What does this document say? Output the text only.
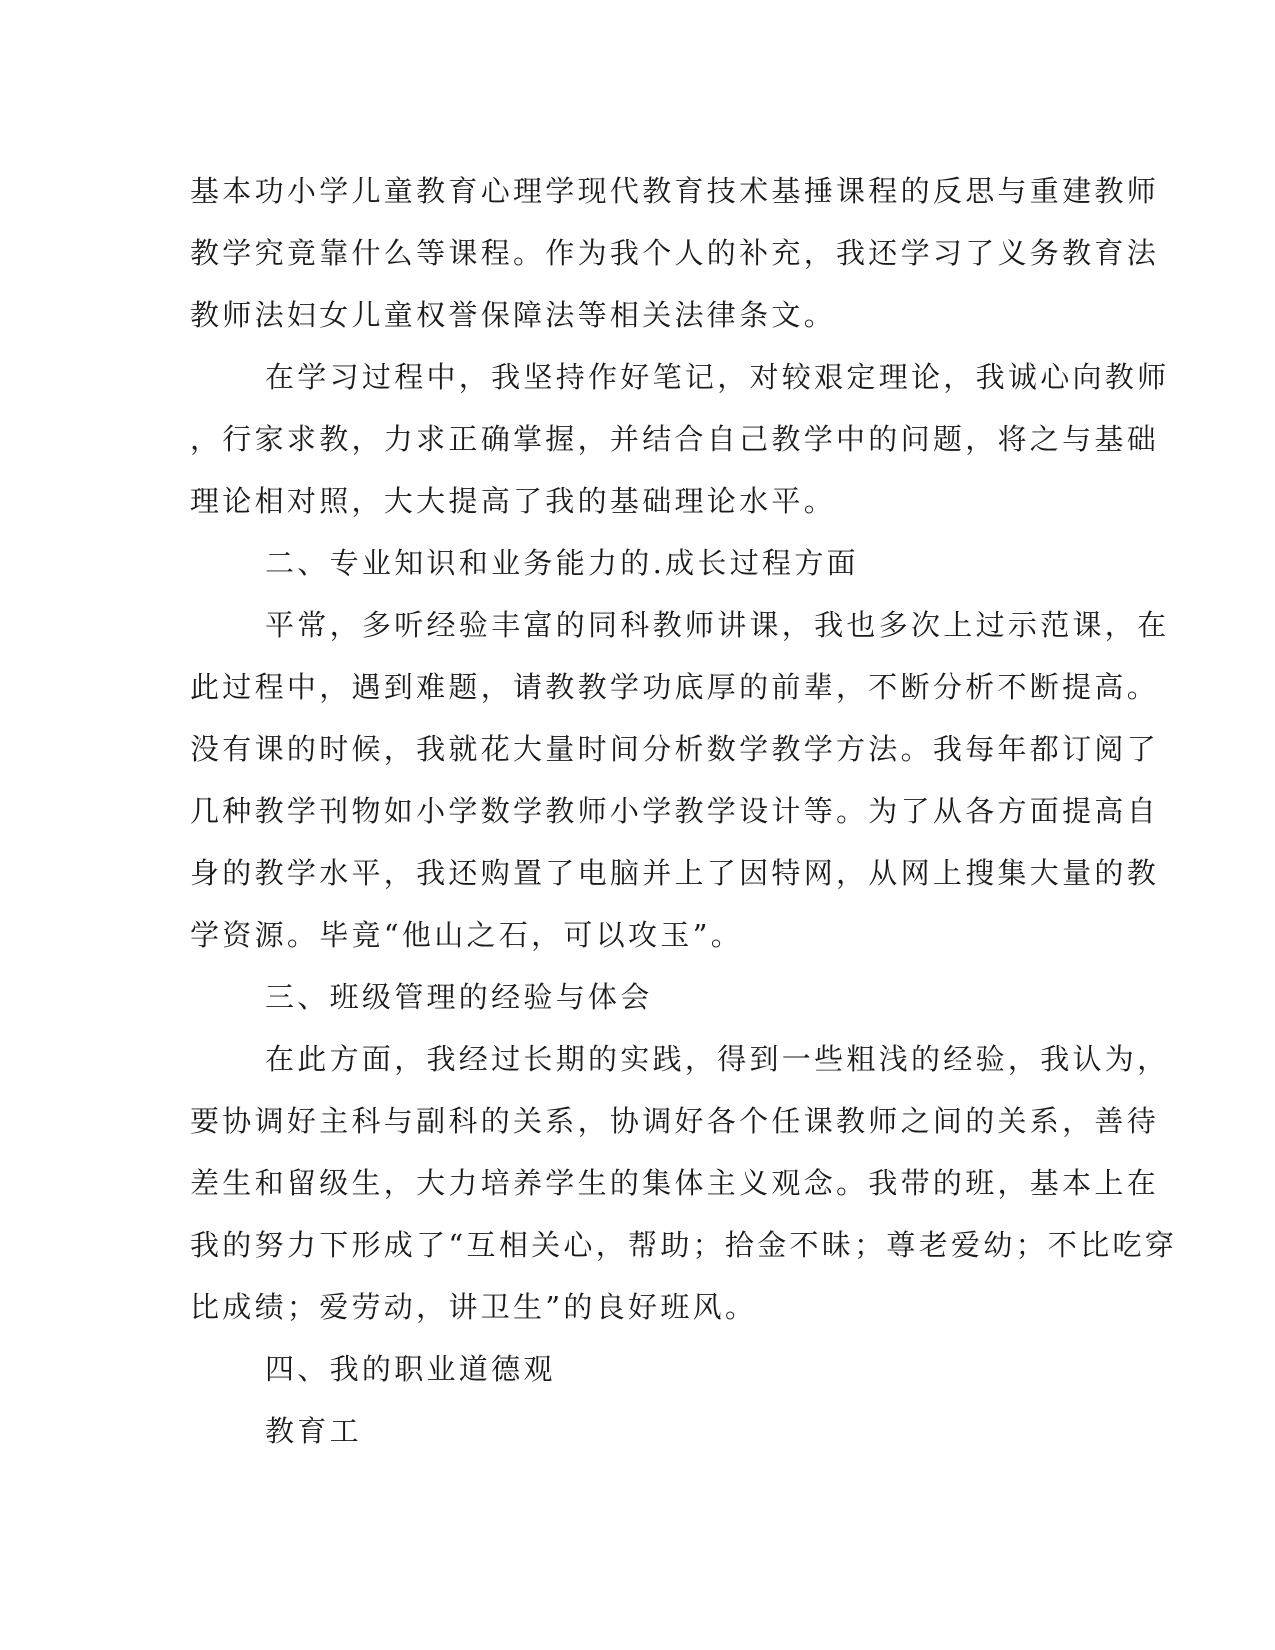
基本功小学儿童教育心理学现代教育技术基捶课程的反思与重建教师
教学究竟靠什么等课程。作为我个人的补充，我还学习了义务教育法
教师法妇女儿童权誉保障法等相关法律条文。
在学习过程中，我坚持作好笔记，对较艰定理论，我诚心向教师
，行家求教，力求正确掌握，并结合自己教学中的问题，将之与基础
理论相对照，大大提高了我的基础理论水平。
二、专业知识和业务能力的.成长过程方面
平常，多听经验丰富的同科教师讲课，我也多次上过示范课，在
此过程中，遇到难题，请教教学功底厚的前辈，不断分析不断提高。
没有课的时候，我就花大量时间分析数学教学方法。我每年都订阅了
几种教学刊物如小学数学教师小学教学设计等。为了从各方面提高自
身的教学水平，我还购置了电脑并上了因特网，从网上搜集大量的教
学资源。毕竟“他山之石，可以攻玉”。
三、班级管理的经验与体会
在此方面，我经过长期的实践，得到一些粗浅的经验，我认为，
要协调好主科与副科的关系，协调好各个任课教师之间的关系，善待
差生和留级生，大力培养学生的集体主义观念。我带的班，基本上在
我的努力下形成了“互相关心，帮助；拾金不昧；尊老爱幼；不比吃穿
比成绩；爱劳动，讲卫生”的良好班风。
四、我的职业道德观
教育工
